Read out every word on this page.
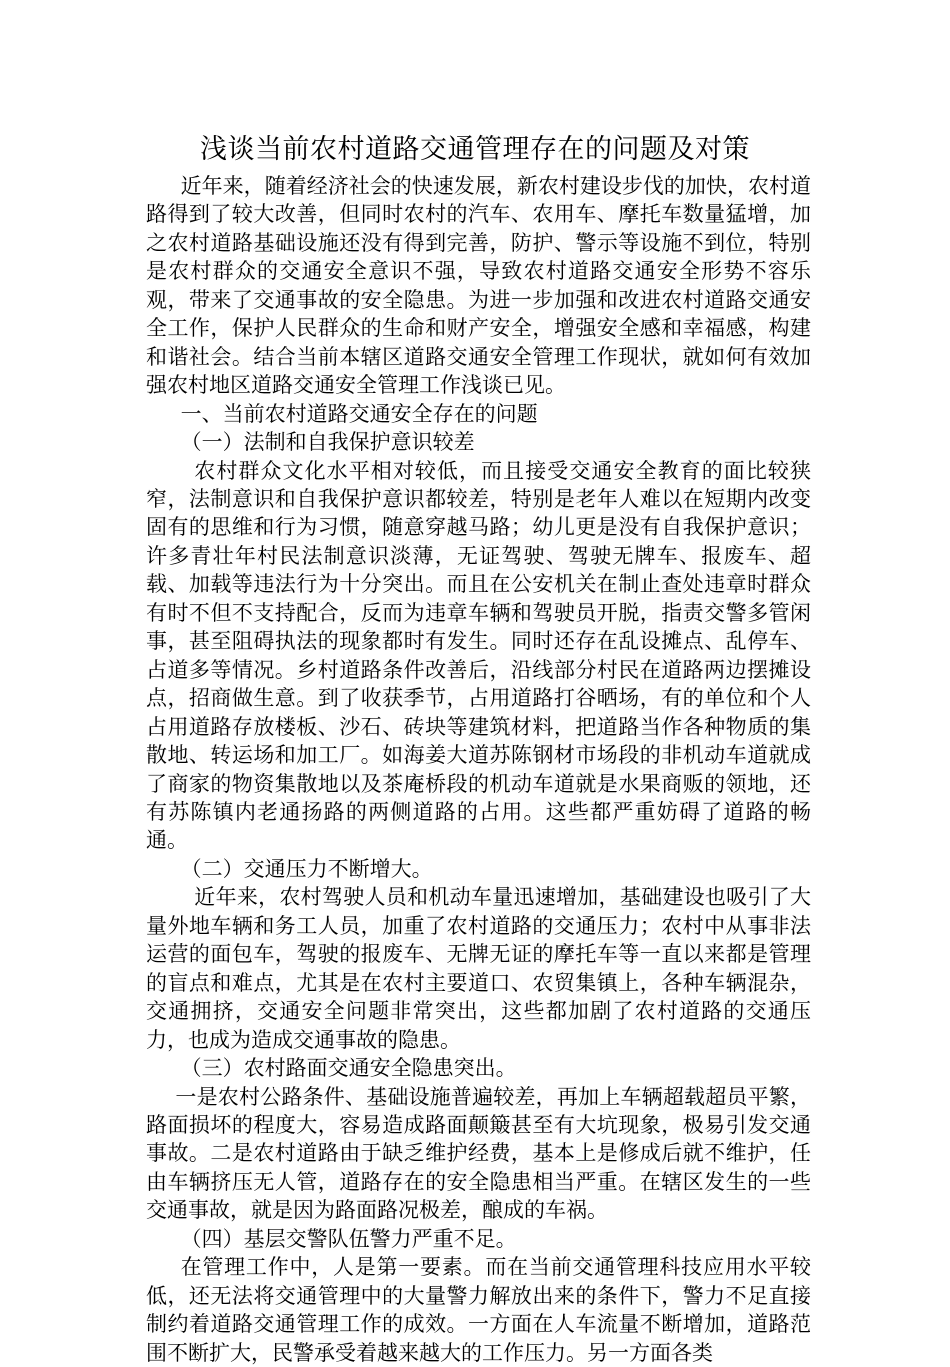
浅谈当前农村道路交通管理存在的问题及对策

近年来，随着经济社会的快速发展，新农村建设步伐的加快，农村道路得到了较大改善，但同时农村的汽车、农用车、摩托车数量猛增，加之农村道路基础设施还没有得到完善，防护、警示等设施不到位，特别是农村群众的交通安全意识不强，导致农村道路交通安全形势不容乐观，带来了交通事故的安全隐患。为进一步加强和改进农村道路交通安全工作，保护人民群众的生命和财产安全，增强安全感和幸福感，构建和谐社会。结合当前本辖区道路交通安全管理工作现状，就如何有效加强农村地区道路交通安全管理工作浅谈已见。

一、当前农村道路交通安全存在的问题

（一）法制和自我保护意识较差

农村群众文化水平相对较低，而且接受交通安全教育的面比较狭窄，法制意识和自我保护意识都较差，特别是老年人难以在短期内改变固有的思维和行为习惯，随意穿越马路；幼儿更是没有自我保护意识；许多青壮年村民法制意识淡薄，无证驾驶、驾驶无牌车、报废车、超载、加载等违法行为十分突出。而且在公安机关在制止查处违章时群众有时不但不支持配合，反而为违章车辆和驾驶员开脱，指责交警多管闲事，甚至阻碍执法的现象都时有发生。同时还存在乱设摊点、乱停车、占道多等情况。乡村道路条件改善后，沿线部分村民在道路两边摆摊设点，招商做生意。到了收获季节，占用道路打谷晒场，有的单位和个人占用道路存放楼板、沙石、砖块等建筑材料，把道路当作各种物质的集散地、转运场和加工厂。如海姜大道苏陈钢材市场段的非机动车道就成了商家的物资集散地以及茶庵桥段的机动车道就是水果商贩的领地，还有苏陈镇内老通扬路的两侧道路的占用。这些都严重妨碍了道路的畅通。

（二）交通压力不断增大。

近年来，农村驾驶人员和机动车量迅速增加，基础建设也吸引了大量外地车辆和务工人员，加重了农村道路的交通压力；农村中从事非法运营的面包车，驾驶的报废车、无牌无证的摩托车等一直以来都是管理的盲点和难点，尤其是在农村主要道口、农贸集镇上，各种车辆混杂，交通拥挤，交通安全问题非常突出，这些都加剧了农村道路的交通压力，也成为造成交通事故的隐患。

（三）农村路面交通安全隐患突出。

一是农村公路条件、基础设施普遍较差，再加上车辆超载超员平繁，路面损坏的程度大，容易造成路面颠簸甚至有大坑现象，极易引发交通事故。二是农村道路由于缺乏维护经费，基本上是修成后就不维护，任由车辆挤压无人管，道路存在的安全隐患相当严重。在辖区发生的一些交通事故，就是因为路面路况极差，酿成的车祸。

（四）基层交警队伍警力严重不足。

在管理工作中，人是第一要素。而在当前交通管理科技应用水平较低，还无法将交通管理中的大量警力解放出来的条件下，警力不足直接制约着道路交通管理工作的成效。一方面在人车流量不断增加，道路范围不断扩大，民警承受着越来越大的工作压力。另一方面各类
